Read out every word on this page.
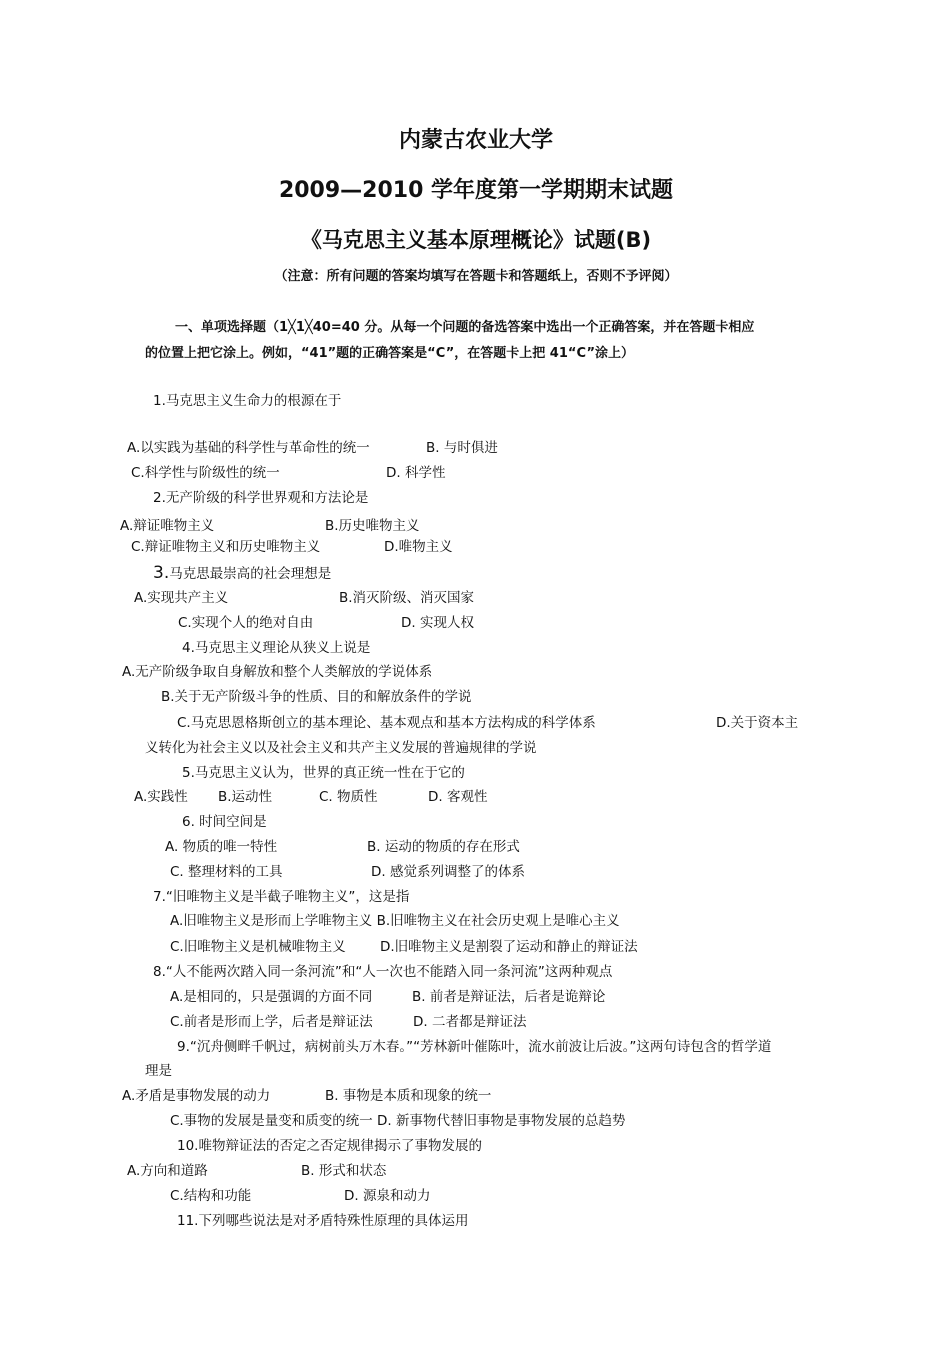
内蒙古农业大学
2009—2010 学年度第一学期期末试题
《马克思主义基本原理概论》试题(B)
（注意：所有问题的答案均填写在答题卡和答题纸上，否则不予评阅）
一、单项选择题（1╳1╳40=40 分。从每一个问题的备选答案中选出一个正确答案，并在答题卡相应
的位置上把它涂上。例如，“41”题的正确答案是“C”，在答题卡上把 41“C”涂上）
1.马克思主义生命力的根源在于
A.以实践为基础的科学性与革命性的统一	B. 与时俱进
C.科学性与阶级性的统一	D. 科学性
2.无产阶级的科学世界观和方法论是
A.辩证唯物主义	B.历史唯物主义
C.辩证唯物主义和历史唯物主义	D.唯物主义
3.马克思最崇高的社会理想是
A.实现共产主义	B.消灭阶级、消灭国家
C.实现个人的绝对自由	D. 实现人权
4.马克思主义理论从狭义上说是
A.无产阶级争取自身解放和整个人类解放的学说体系
B.关于无产阶级斗争的性质、目的和解放条件的学说
C.马克思恩格斯创立的基本理论、基本观点和基本方法构成的科学体系	D.关于资本主
义转化为社会主义以及社会主义和共产主义发展的普遍规律的学说
5.马克思主义认为，世界的真正统一性在于它的
A.实践性 B.运动性	C. 物质性	D. 客观性
6. 时间空间是
A. 物质的唯一特性	B. 运动的物质的存在形式
C. 整理材料的工具	D. 感觉系列调整了的体系
7.“旧唯物主义是半截子唯物主义”，这是指
A.旧唯物主义是形而上学唯物主义 B.旧唯物主义在社会历史观上是唯心主义
C.旧唯物主义是机械唯物主义	D.旧唯物主义是割裂了运动和静止的辩证法
8.“人不能两次踏入同一条河流”和“人一次也不能踏入同一条河流”这两种观点
A.是相同的，只是强调的方面不同	B. 前者是辩证法，后者是诡辩论
C.前者是形而上学，后者是辩证法	D. 二者都是辩证法
9.“沉舟侧畔千帆过，病树前头万木春。”“芳林新叶催陈叶，流水前波让后波。”这两句诗包含的哲学道
理是
A.矛盾是事物发展的动力	B. 事物是本质和现象的统一
C.事物的发展是量变和质变的统一 D. 新事物代替旧事物是事物发展的总趋势
10.唯物辩证法的否定之否定规律揭示了事物发展的
A.方向和道路	B. 形式和状态
C.结构和功能	D. 源泉和动力
11.下列哪些说法是对矛盾特殊性原理的具体运用
